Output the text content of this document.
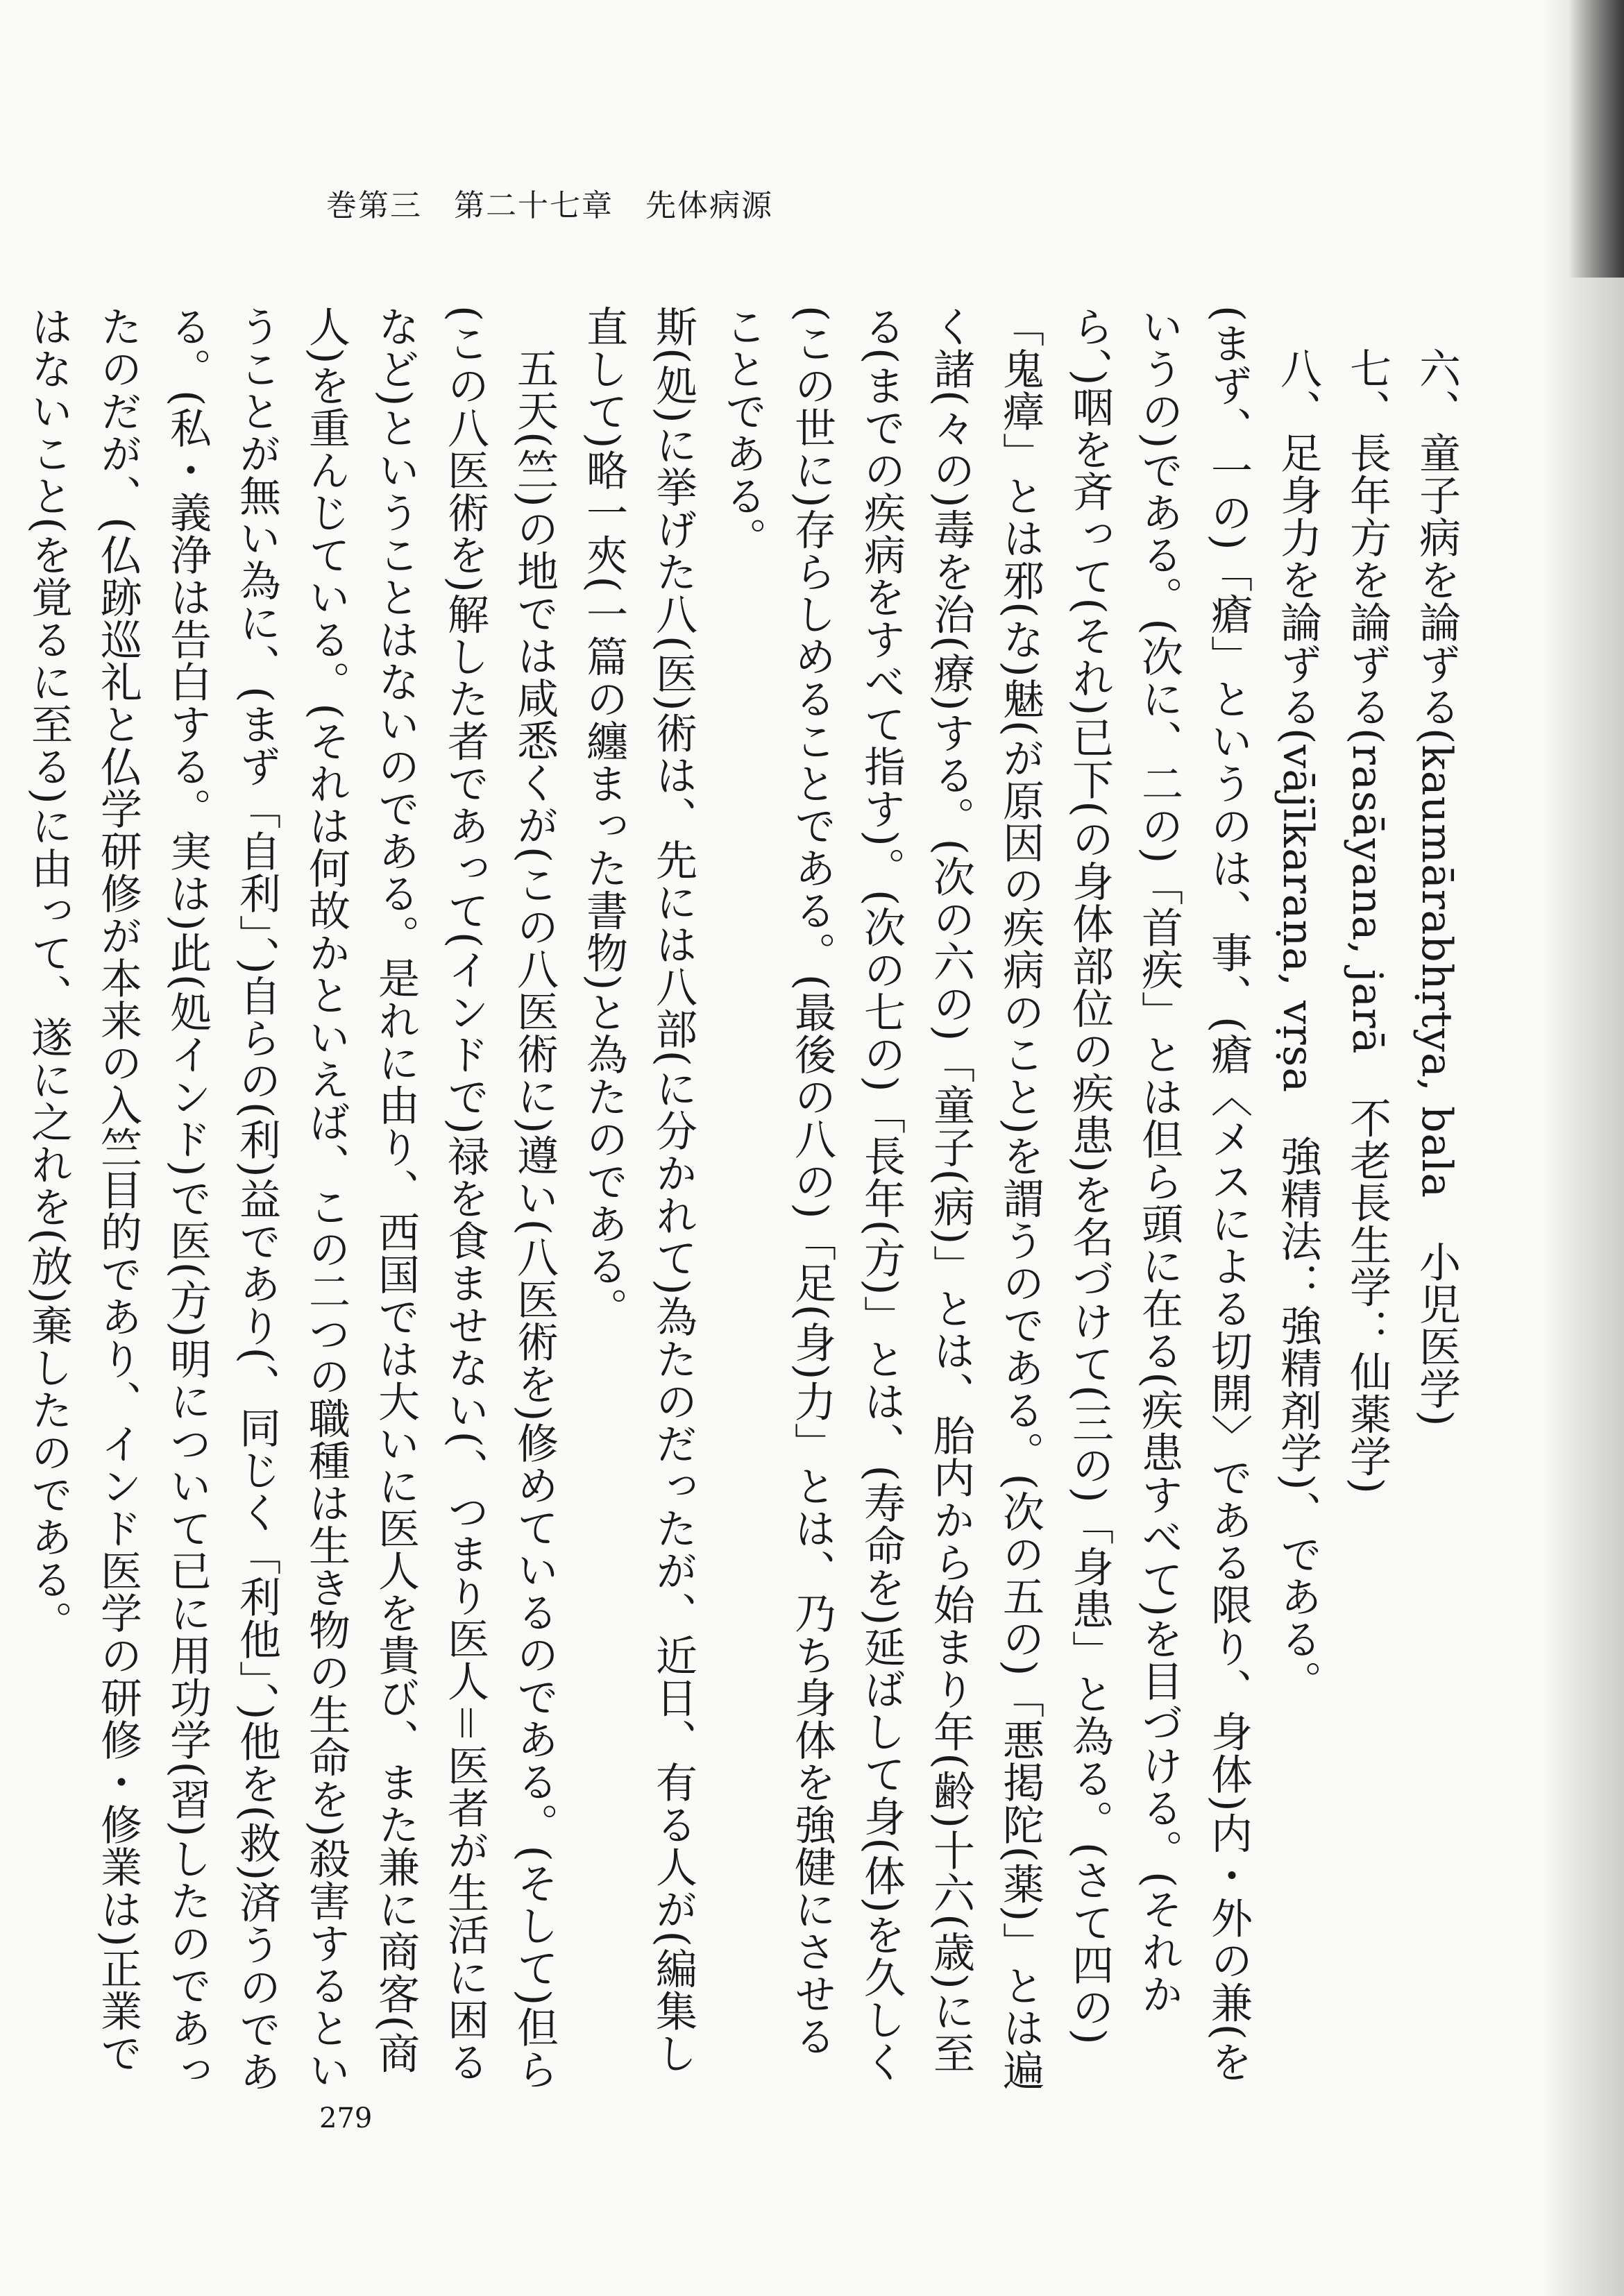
巻第三　第二十七章　先体病源

六、童子病を論ずる(kaumārabhṛtya, bala　小児医学)

七、長年方を論ずる(rasāyana, jarā　不老長生学：仙薬学)

八、足身力を論ずる(vājīkaraṇa, vṛṣa　強精法：強精剤学)、である。

(まず、一の)「瘡」というのは、事、(瘡〈メスによる切開〉である限り、身体)内・外の兼(をいうの)である。(次に、二の)「首疾」とは但ら頭に在る(疾患すべて)を目づける。(それから、)咽を斉って(それ)已下(の身体部位の疾患)を名づけて(三の)「身患」と為る。(さて四の)「鬼瘴」とは邪(な)魅(が原因の疾病のこと)を謂うのである。(次の五の)「悪掲陀(薬)」とは遍く諸(々の)毒を治(療)する。(次の六の)「童子(病)」とは、胎内から始まり年(齢)十六(歳)に至る(までの疾病をすべて指す)。(次の七の)「長年(方)」とは、(寿命を)延ばして身(体)を久しく(この世に)存らしめることである。(最後の八の)「足(身)力」とは、乃ち身体を強健にさせることである。

斯(処)に挙げた八(医)術は、先には八部(に分かれて)為たのだったが、近日、有る人が(編集し直して)略一夾(一篇の纏まった書物)と為たのである。

五天(竺)の地では咸悉くが(この八医術に)遵い(八医術を)修めているのである。(そして)但ら(この八医術を)解した者であって(インドで)禄を食ませない(、つまり医人＝医者が生活に困るなど)ということはないのである。是れに由り、西国では大いに医人を貴び、また兼に商客(商人)を重んじている。(それは何故かといえば、この二つの職種は生き物の生命を)殺害するということが無い為に、(まず「自利」、)自らの(利)益であり(、同じく「利他」、)他を(救)済うのである。(私・義浄は告白する。実は)此(処インド)で医(方)明について已に用功学(習)したのであったのだが、(仏跡巡礼と仏学研修が本来の入竺目的であり、インド医学の研修・修業は)正業ではないこと(を覚るに至る)に由って、遂に之れを(放)棄したのである。

279
